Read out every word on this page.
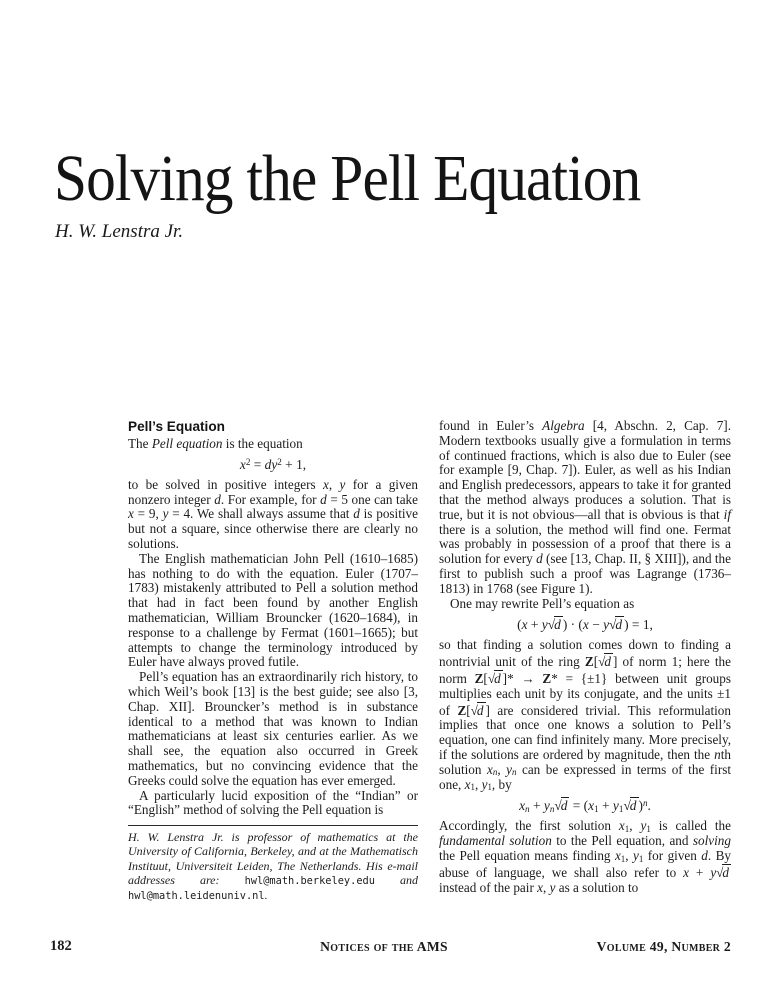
Solving the Pell Equation
H. W. Lenstra Jr.
Pell’s Equation

The Pell equation is the equation

$x^2 = dy^2 + 1$,

to be solved in positive integers x, y for a given nonzero integer d. For example, for d = 5 one can take x = 9, y = 4. We shall always assume that d is positive but not a square, since otherwise there are clearly no solutions.

The English mathematician John Pell (1610–1685) has nothing to do with the equation. Euler (1707–1783) mistakenly attributed to Pell a solution method that had in fact been found by another English mathematician, William Brouncker (1620–1684), in response to a challenge by Fermat (1601–1665); but attempts to change the terminology introduced by Euler have always proved futile.

Pell’s equation has an extraordinarily rich history, to which Weil’s book [13] is the best guide; see also [3, Chap. XII]. Brouncker’s method is in substance identical to a method that was known to Indian mathematicians at least six centuries earlier. As we shall see, the equation also occurred in Greek mathematics, but no convincing evidence that the Greeks could solve the equation has ever emerged.

A particularly lucid exposition of the “Indian” or “English” method of solving the Pell equation is

H. W. Lenstra Jr. is professor of mathematics at the University of California, Berkeley, and at the Mathematisch Instituut, Universiteit Leiden, The Netherlands. His e-mail addresses are: hwl@math.berkeley.edu and hwl@math.leidenuniv.nl.

found in Euler’s Algebra [4, Abschn. 2, Cap. 7]. Modern textbooks usually give a formulation in terms of continued fractions, which is also due to Euler (see for example [9, Chap. 7]). Euler, as well as his Indian and English predecessors, appears to take it for granted that the method always produces a solution. That is true, but it is not obvious—all that is obvious is that if there is a solution, the method will find one. Fermat was probably in possession of a proof that there is a solution for every d (see [13, Chap. II, § XIII]), and the first to publish such a proof was Lagrange (1736–1813) in 1768 (see Figure 1).

One may rewrite Pell’s equation as

(x + y√d ) · (x − y√d ) = 1,

so that finding a solution comes down to finding a nontrivial unit of the ring Z[√d ] of norm 1; here the norm Z[√d ]* → Z* = {±1} between unit groups multiplies each unit by its conjugate, and the units ±1 of Z[√d ] are considered trivial. This reformulation implies that once one knows a solution to Pell’s equation, one can find infinitely many. More precisely, if the solutions are ordered by magnitude, then the nth solution xn, yn can be expressed in terms of the first one, x1, y1, by

xn + yn√d = (x1 + y1√d )$^n$.

Accordingly, the first solution x1, y1 is called the fundamental solution to the Pell equation, and solving the Pell equation means finding x1, y1 for given d. By abuse of language, we shall also refer to x + y√d instead of the pair x, y as a solution to

182	Notices of the AMS	Volume 49, Number 2
